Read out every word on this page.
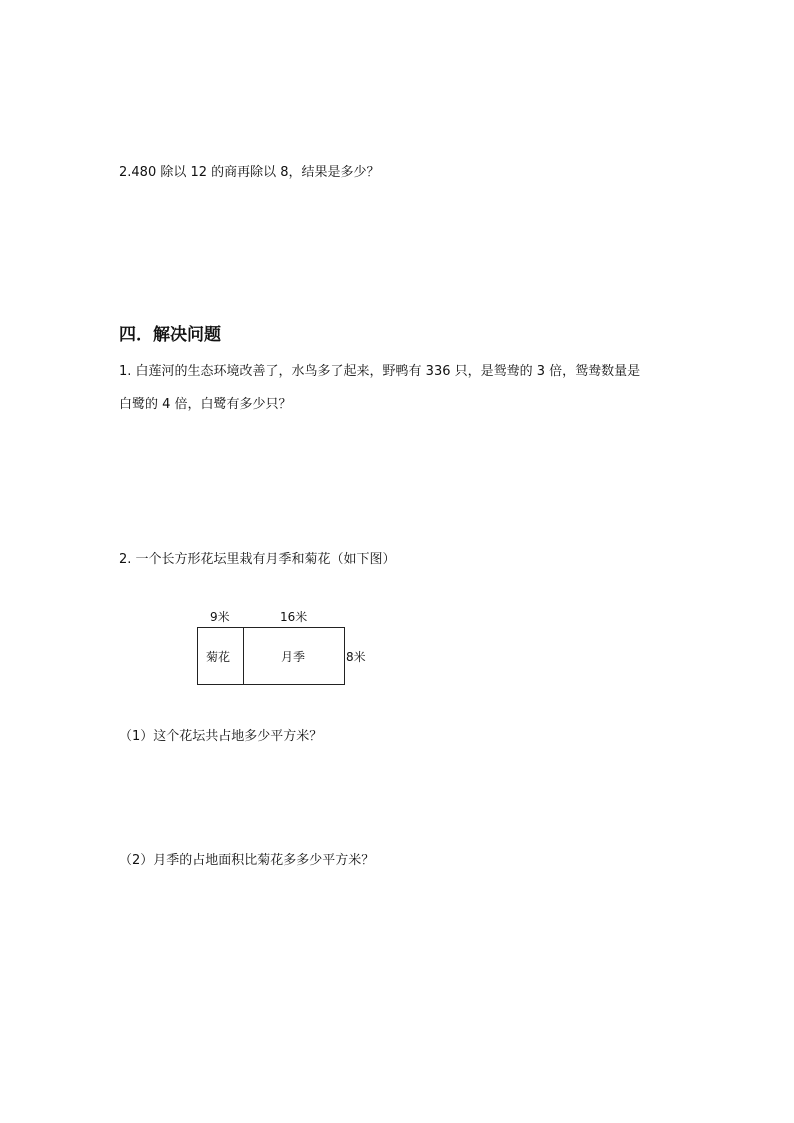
2.480 除以 12 的商再除以 8，结果是多少？
四．解决问题
1. 白莲河的生态环境改善了，水鸟多了起来，野鸭有 336 只，是鸳鸯的 3 倍，鸳鸯数量是
白鹭的 4 倍，白鹭有多少只？
2. 一个长方形花坛里栽有月季和菊花（如下图）
9米	16米
菊花	月季	8米
（1）这个花坛共占地多少平方米？
（2）月季的占地面积比菊花多多少平方米？
